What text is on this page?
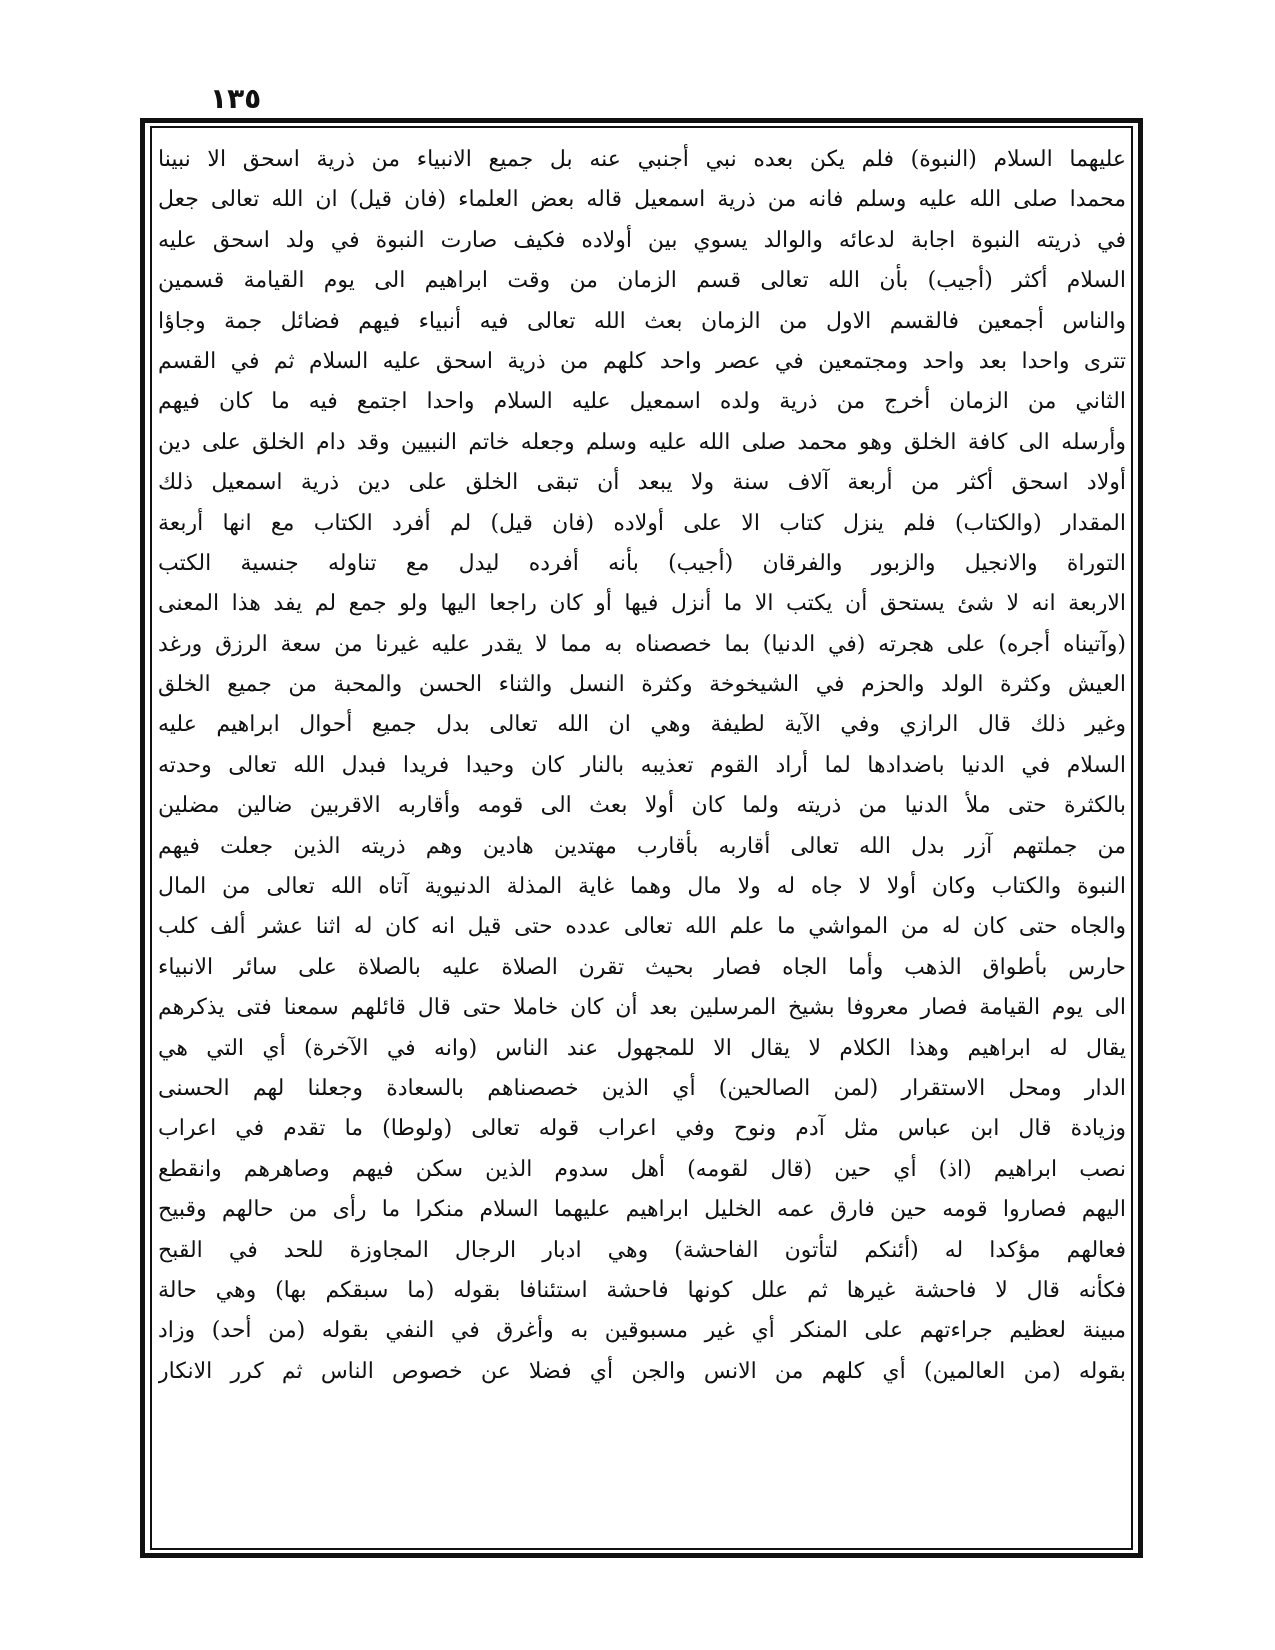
١٣٥
عليهما السلام (النبوة) فلم يكن بعده نبي أجنبي عنه بل جميع الانبياء من ذرية اسحق الا نبينا
محمدا صلى الله عليه وسلم فانه من ذرية اسمعيل قاله بعض العلماء (فان قيل) ان الله تعالى جعل
في ذريته النبوة اجابة لدعائه والوالد يسوي بين أولاده فكيف صارت النبوة في ولد اسحق عليه
السلام أكثر (أجيب) بأن الله تعالى قسم الزمان من وقت ابراهيم الى يوم القيامة قسمين
والناس أجمعين فالقسم الاول من الزمان بعث الله تعالى فيه أنبياء فيهم فضائل جمة وجاؤا
تترى واحدا بعد واحد ومجتمعين في عصر واحد كلهم من ذرية اسحق عليه السلام ثم في القسم
الثاني من الزمان أخرج من ذرية ولده اسمعيل عليه السلام واحدا اجتمع فيه ما كان فيهم
وأرسله الى كافة الخلق وهو محمد صلى الله عليه وسلم وجعله خاتم النبيين وقد دام الخلق على دين
أولاد اسحق أكثر من أربعة آلاف سنة ولا يبعد أن تبقى الخلق على دين ذرية اسمعيل ذلك
المقدار (والكتاب) فلم ينزل كتاب الا على أولاده (فان قيل) لم أفرد الكتاب مع انها أربعة
التوراة والانجيل والزبور والفرقان (أجيب) بأنه أفرده ليدل مع تناوله جنسية الكتب
الاربعة انه لا شئ يستحق أن يكتب الا ما أنزل فيها أو كان راجعا اليها ولو جمع لم يفد هذا المعنى
(وآتيناه أجره) على هجرته (في الدنيا) بما خصصناه به مما لا يقدر عليه غيرنا من سعة الرزق ورغد
العيش وكثرة الولد والحزم في الشيخوخة وكثرة النسل والثناء الحسن والمحبة من جميع الخلق
وغير ذلك قال الرازي وفي الآية لطيفة وهي ان الله تعالى بدل جميع أحوال ابراهيم عليه
السلام في الدنيا باضدادها لما أراد القوم تعذيبه بالنار كان وحيدا فريدا فبدل الله تعالى وحدته
بالكثرة حتى ملأ الدنيا من ذريته ولما كان أولا بعث الى قومه وأقاربه الاقربين ضالين مضلين
من جملتهم آزر بدل الله تعالى أقاربه بأقارب مهتدين هادين وهم ذريته الذين جعلت فيهم
النبوة والكتاب وكان أولا لا جاه له ولا مال وهما غاية المذلة الدنيوية آتاه الله تعالى من المال
والجاه حتى كان له من المواشي ما علم الله تعالى عدده حتى قيل انه كان له اثنا عشر ألف كلب
حارس بأطواق الذهب وأما الجاه فصار بحيث تقرن الصلاة عليه بالصلاة على سائر الانبياء
الى يوم القيامة فصار معروفا بشيخ المرسلين بعد أن كان خاملا حتى قال قائلهم سمعنا فتى يذكرهم
يقال له ابراهيم وهذا الكلام لا يقال الا للمجهول عند الناس (وانه في الآخرة) أي التي هي
الدار ومحل الاستقرار (لمن الصالحين) أي الذين خصصناهم بالسعادة وجعلنا لهم الحسنى
وزيادة قال ابن عباس مثل آدم ونوح وفي اعراب قوله تعالى (ولوطا) ما تقدم في اعراب
نصب ابراهيم (اذ) أي حين (قال لقومه) أهل سدوم الذين سكن فيهم وصاهرهم وانقطع
اليهم فصاروا قومه حين فارق عمه الخليل ابراهيم عليهما السلام منكرا ما رأى من حالهم وقبيح
فعالهم مؤكدا له (أئنكم لتأتون الفاحشة) وهي ادبار الرجال المجاوزة للحد في القبح
فكأنه قال لا فاحشة غيرها ثم علل كونها فاحشة استئنافا بقوله (ما سبقكم بها) وهي حالة
مبينة لعظيم جراءتهم على المنكر أي غير مسبوقين به وأغرق في النفي بقوله (من أحد) وزاد
بقوله (من العالمين) أي كلهم من الانس والجن أي فضلا عن خصوص الناس ثم كرر الانكار
